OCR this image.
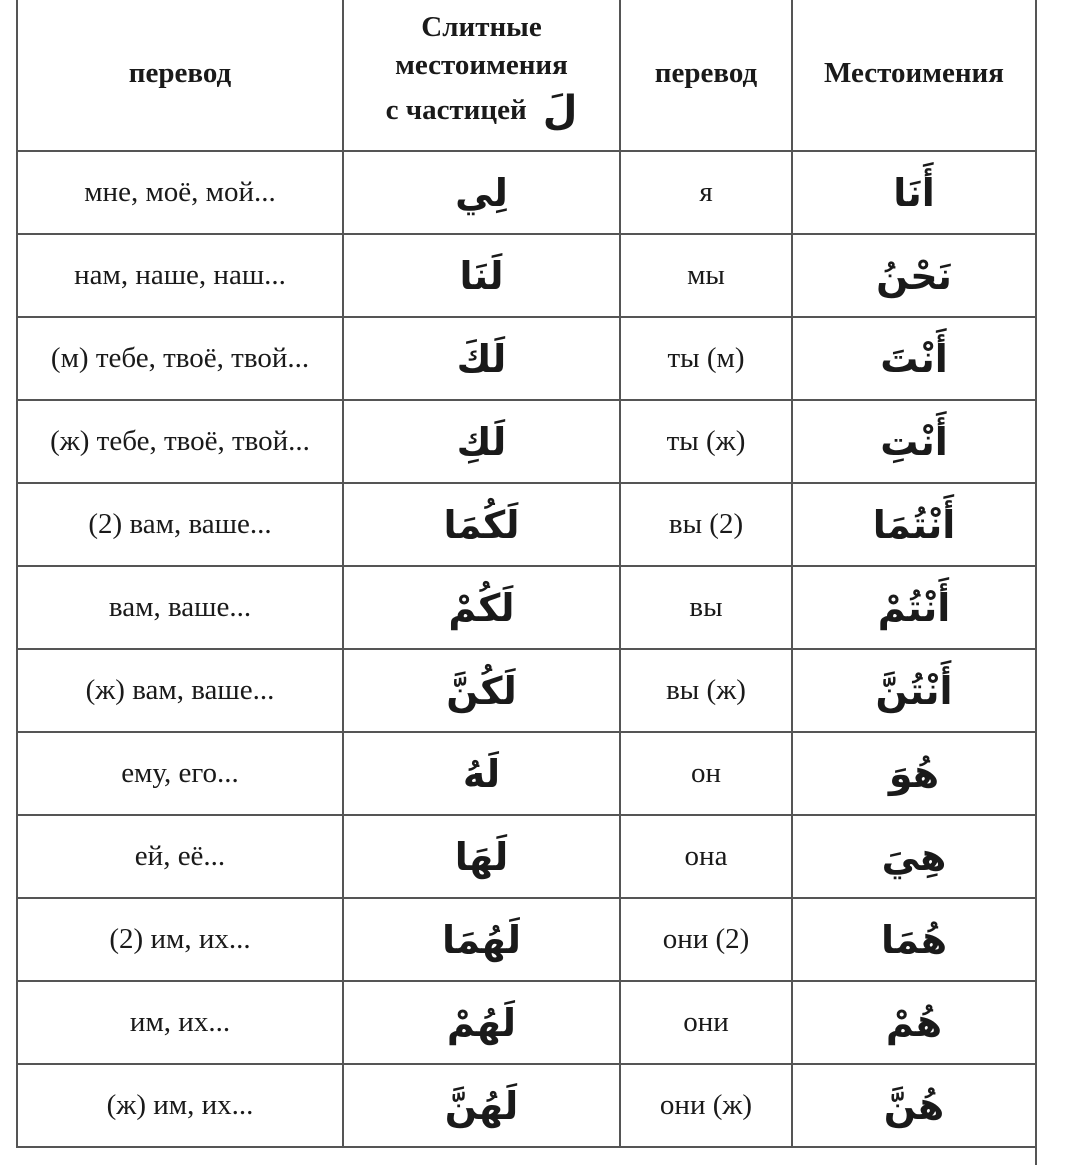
перевод	Слитные
местоимения
с частицей لَ	перевод	Местоимения
мне, моё, мой...	لِي	я	أَنَا
нам, наше, наш...	لَنَا	мы	نَحْنُ
(м) тебе, твоё, твой...	لَكَ	ты (м)	أَنْتَ
(ж) тебе, твоё, твой...	لَكِ	ты (ж)	أَنْتِ
(2) вам, ваше...	لَكُمَا	вы (2)	أَنْتُمَا
вам, ваше...	لَكُمْ	вы	أَنْتُمْ
(ж) вам, ваше...	لَكُنَّ	вы (ж)	أَنْتُنَّ
ему, его...	لَهُ	он	هُوَ
ей, её...	لَهَا	она	هِيَ
(2) им, их...	لَهُمَا	они (2)	هُمَا
им, их...	لَهُمْ	они	هُمْ
(ж) им, их...	لَهُنَّ	они (ж)	هُنَّ
